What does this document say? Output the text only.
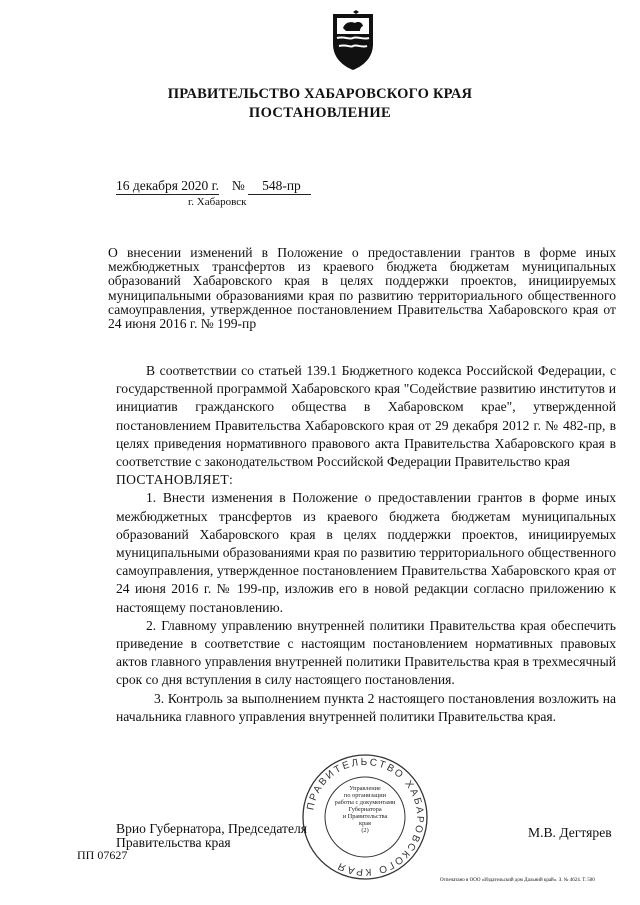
ПРАВИТЕЛЬСТВО ХАБАРОВСКОГО КРАЯ
ПОСТАНОВЛЕНИЕ
16 декабря 2020 г. № 548-пр
г. Хабаровск
О внесении изменений в Положение о предоставлении грантов в форме иных межбюджетных трансфертов из краевого бюджета бюджетам муниципальных образований Хабаровского края в целях поддержки проектов, инициируемых муниципальными образованиями края по развитию территориального общественного самоуправления, утвержденное постановлением Правительства Хабаровского края от 24 июня 2016 г. № 199-пр

В соответствии со статьей 139.1 Бюджетного кодекса Российской Федерации, с государственной программой Хабаровского края "Содействие развитию институтов и инициатив гражданского общества в Хабаровском крае", утвержденной постановлением Правительства Хабаровского края от 29 декабря 2012 г. № 482-пр, в целях приведения нормативного правового акта Правительства Хабаровского края в соответствие с законодательством Российской Федерации Правительство края

ПОСТАНОВЛЯЕТ:

1. Внести изменения в Положение о предоставлении грантов в форме иных межбюджетных трансфертов из краевого бюджета бюджетам муниципальных образований Хабаровского края в целях поддержки проектов, инициируемых муниципальными образованиями края по развитию территориального общественного самоуправления, утвержденное постановлением Правительства Хабаровского края от 24 июня 2016 г. № 199-пр, изложив его в новой редакции согласно приложению к настоящему постановлению.

2. Главному управлению внутренней политики Правительства края обеспечить приведение в соответствие с настоящим постановлением нормативных правовых актов главного управления внутренней политики Правительства края в трехмесячный срок со дня вступления в силу настоящего постановления.

3. Контроль за выполнением пункта 2 настоящего постановления возложить на начальника главного управления внутренней политики Правительства края.

ПРАВИТЕЛЬСТВО ХАБАРОВСКОГО КРАЯ
Управление
по организации
работы с документами
Губернатора
и Правительства
края
(2)
Врио Губернатора, Председателя
Правительства края
М.В. Дегтярев
ПП 07627
Отпечатано в ООО «Издательский дом Дальний край». З. № 4624. Т. 500
